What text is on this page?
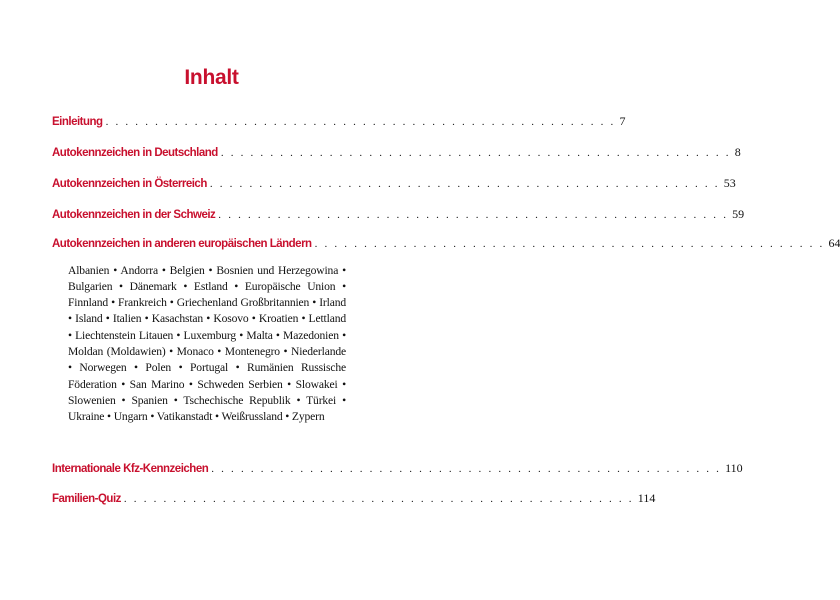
Inhalt
Einleitung . . . . . . . . . . . . . . . . . . . . . . . . . . . . . . . . . . . . . . . . . . . . . . . . . . . . 7
Autokennzeichen in Deutschland . . . . . . . . . . . . . . . . . . . . . . . . . . . . . . . . . . . . . . . . . . . . . . . . . . . . 8
Autokennzeichen in Österreich . . . . . . . . . . . . . . . . . . . . . . . . . . . . . . . . . . . . . . . . . . . . . . . . . . . . 53
Autokennzeichen in der Schweiz . . . . . . . . . . . . . . . . . . . . . . . . . . . . . . . . . . . . . . . . . . . . . . . . . . . . 59
Autokennzeichen in anderen europäischen Ländern . . . . . . . . . . . . . . . . . . . . . . . . . . . . . . . . . . . . . . . . . . . . . . . . . . . . 64

Albanien • Andorra • Belgien • Bosnien und Herzegowina • Bulgarien • Dänemark • Estland • Europäische Union • Finnland • Frankreich • Griechenland Großbritannien • Irland • Island • Italien • Kasachstan • Kosovo • Kroatien • Lettland • Liechtenstein Litauen • Luxemburg • Malta • Mazedonien • Moldan (Moldawien) • Monaco • Montenegro • Niederlande • Norwegen • Polen • Portugal • Rumänien Russische Föderation • San Marino • Schweden Serbien • Slowakei • Slowenien • Spanien • Tschechische Republik • Türkei • Ukraine • Ungarn • Vatikanstadt • Weißrussland • Zypern

Internationale Kfz-Kennzeichen . . . . . . . . . . . . . . . . . . . . . . . . . . . . . . . . . . . . . . . . . . . . . . . . . . . . 110
Familien-Quiz . . . . . . . . . . . . . . . . . . . . . . . . . . . . . . . . . . . . . . . . . . . . . . . . . . . . 114
